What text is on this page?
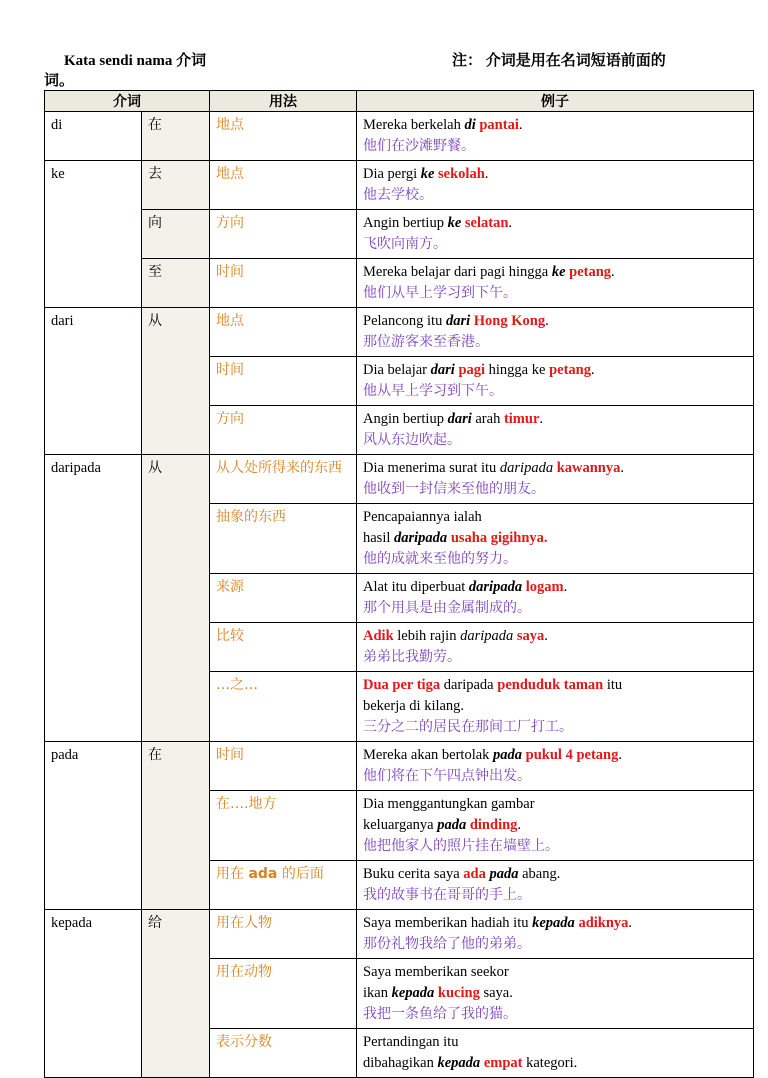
Kata sendi nama 介词	注： 介词是用在名词短语前面的
词。
介词		用法	例子
di	在	地点	Mereka berkelah di pantai.
他们在沙滩野餐。

ke	去	地点	Dia pergi ke sekolah.
他去学校。

	向	方向	Angin bertiup ke selatan.
飞吹向南方。

	至	时间	Mereka belajar dari pagi hingga ke petang.
他们从早上学习到下午。

dari	从	地点	Pelancong itu dari Hong Kong.
那位游客来至香港。

		时间	Dia belajar dari pagi hingga ke petang.
他从早上学习到下午。

		方向	Angin bertiup dari arah timur.
风从东边吹起。

daripada	从	从人处所得来的东西	Dia menerima surat itu daripada kawannya.
他收到一封信来至他的朋友。

		抽象的东西	Pencapaiannya ialah
hasil daripada usaha gigihnya.
他的成就来至他的努力。

		来源	Alat itu diperbuat daripada logam.
那个用具是由金属制成的。

		比较	Adik lebih rajin daripada saya.
弟弟比我勤劳。

		…之…	Dua per tiga daripada penduduk taman itu
bekerja di kilang.
三分之二的居民在那间工厂打工。

pada	在	时间	Mereka akan bertolak pada pukul 4 petang.
他们将在下午四点钟出发。

		在….地方	Dia menggantungkan gambar
keluarganya pada dinding.
他把他家人的照片挂在墙壁上。

		用在 ada 的后面	Buku cerita saya ada pada abang.
我的故事书在哥哥的手上。

kepada	给	用在人物	Saya memberikan hadiah itu kepada adiknya.
那份礼物我给了他的弟弟。

		用在动物	Saya memberikan seekor
ikan kepada kucing saya.
我把一条鱼给了我的猫。

		表示分数	Pertandingan itu
dibahagikan kepada empat kategori.
